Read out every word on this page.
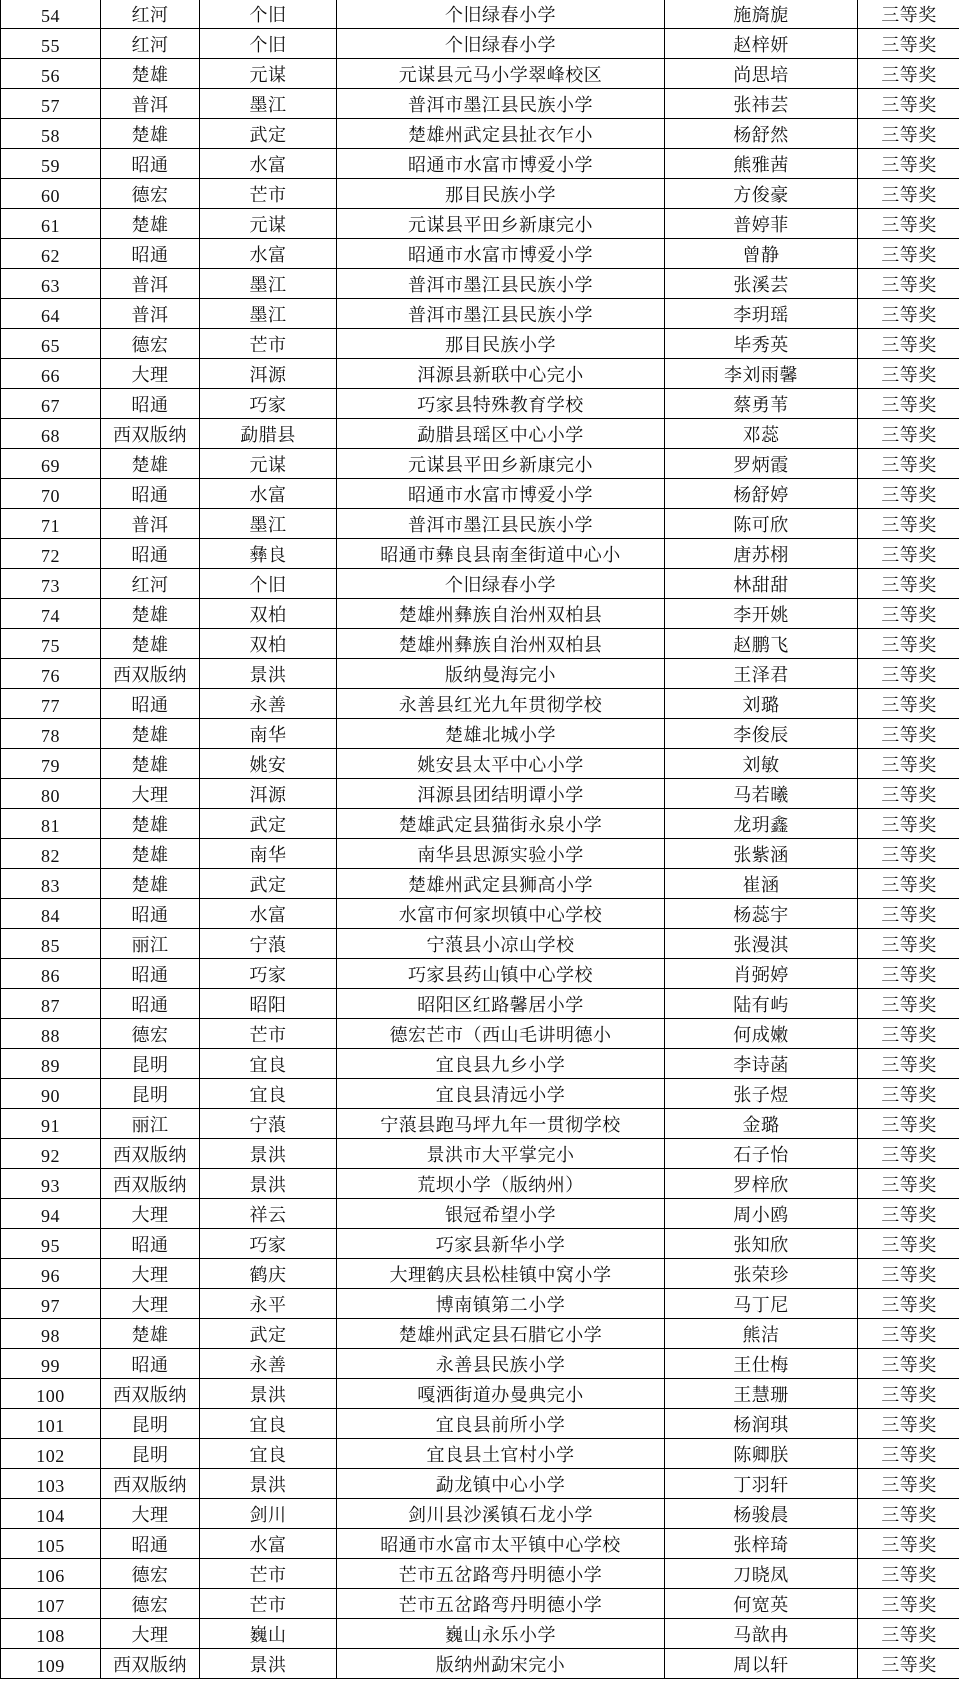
54	红河	个旧	个旧绿春小学	施旖旎	三等奖
55	红河	个旧	个旧绿春小学	赵梓妍	三等奖
56	楚雄	元谋	元谋县元马小学翠峰校区	尚思培	三等奖
57	普洱	墨江	普洱市墨江县民族小学	张祎芸	三等奖
58	楚雄	武定	楚雄州武定县扯衣乍小	杨舒然	三等奖
59	昭通	水富	昭通市水富市博爱小学	熊雅茜	三等奖
60	德宏	芒市	那目民族小学	方俊豪	三等奖
61	楚雄	元谋	元谋县平田乡新康完小	普婷菲	三等奖
62	昭通	水富	昭通市水富市博爱小学	曾静	三等奖
63	普洱	墨江	普洱市墨江县民族小学	张溪芸	三等奖
64	普洱	墨江	普洱市墨江县民族小学	李玥瑶	三等奖
65	德宏	芒市	那目民族小学	毕秀英	三等奖
66	大理	洱源	洱源县新联中心完小	李刘雨馨	三等奖
67	昭通	巧家	巧家县特殊教育学校	蔡勇苇	三等奖
68	西双版纳	勐腊县	勐腊县瑶区中心小学	邓蕊	三等奖
69	楚雄	元谋	元谋县平田乡新康完小	罗炳霞	三等奖
70	昭通	水富	昭通市水富市博爱小学	杨舒婷	三等奖
71	普洱	墨江	普洱市墨江县民族小学	陈可欣	三等奖
72	昭通	彝良	昭通市彝良县南奎街道中心小	唐苏栩	三等奖
73	红河	个旧	个旧绿春小学	林甜甜	三等奖
74	楚雄	双柏	楚雄州彝族自治州双柏县	李开姚	三等奖
75	楚雄	双柏	楚雄州彝族自治州双柏县	赵鹏飞	三等奖
76	西双版纳	景洪	版纳曼海完小	王泽君	三等奖
77	昭通	永善	永善县红光九年贯彻学校	刘璐	三等奖
78	楚雄	南华	楚雄北城小学	李俊辰	三等奖
79	楚雄	姚安	姚安县太平中心小学	刘敏	三等奖
80	大理	洱源	洱源县团结明谭小学	马若曦	三等奖
81	楚雄	武定	楚雄武定县猫街永泉小学	龙玥鑫	三等奖
82	楚雄	南华	南华县思源实验小学	张紫涵	三等奖
83	楚雄	武定	楚雄州武定县狮高小学	崔涵	三等奖
84	昭通	水富	水富市何家坝镇中心学校	杨蕊宇	三等奖
85	丽江	宁蒗	宁蒗县小凉山学校	张漫淇	三等奖
86	昭通	巧家	巧家县药山镇中心学校	肖弼婷	三等奖
87	昭通	昭阳	昭阳区红路馨居小学	陆有屿	三等奖
88	德宏	芒市	德宏芒市（西山毛讲明德小	何成嫩	三等奖
89	昆明	宜良	宜良县九乡小学	李诗菡	三等奖
90	昆明	宜良	宜良县清远小学	张子煜	三等奖
91	丽江	宁蒗	宁蒗县跑马坪九年一贯彻学校	金璐	三等奖
92	西双版纳	景洪	景洪市大平掌完小	石子怡	三等奖
93	西双版纳	景洪	荒坝小学（版纳州）	罗梓欣	三等奖
94	大理	祥云	银冠希望小学	周小鸥	三等奖
95	昭通	巧家	巧家县新华小学	张知欣	三等奖
96	大理	鹤庆	大理鹤庆县松桂镇中窝小学	张荣珍	三等奖
97	大理	永平	博南镇第二小学	马丁尼	三等奖
98	楚雄	武定	楚雄州武定县石腊它小学	熊洁	三等奖
99	昭通	永善	永善县民族小学	王仕梅	三等奖
100	西双版纳	景洪	嘎洒街道办曼典完小	王慧珊	三等奖
101	昆明	宜良	宜良县前所小学	杨润琪	三等奖
102	昆明	宜良	宜良县土官村小学	陈卿朕	三等奖
103	西双版纳	景洪	勐龙镇中心小学	丁羽轩	三等奖
104	大理	剑川	剑川县沙溪镇石龙小学	杨骏晨	三等奖
105	昭通	水富	昭通市水富市太平镇中心学校	张梓琦	三等奖
106	德宏	芒市	芒市五岔路弯丹明德小学	刀晓凤	三等奖
107	德宏	芒市	芒市五岔路弯丹明德小学	何宽英	三等奖
108	大理	巍山	巍山永乐小学	马歆冉	三等奖
109	西双版纳	景洪	版纳州勐宋完小	周以轩	三等奖
